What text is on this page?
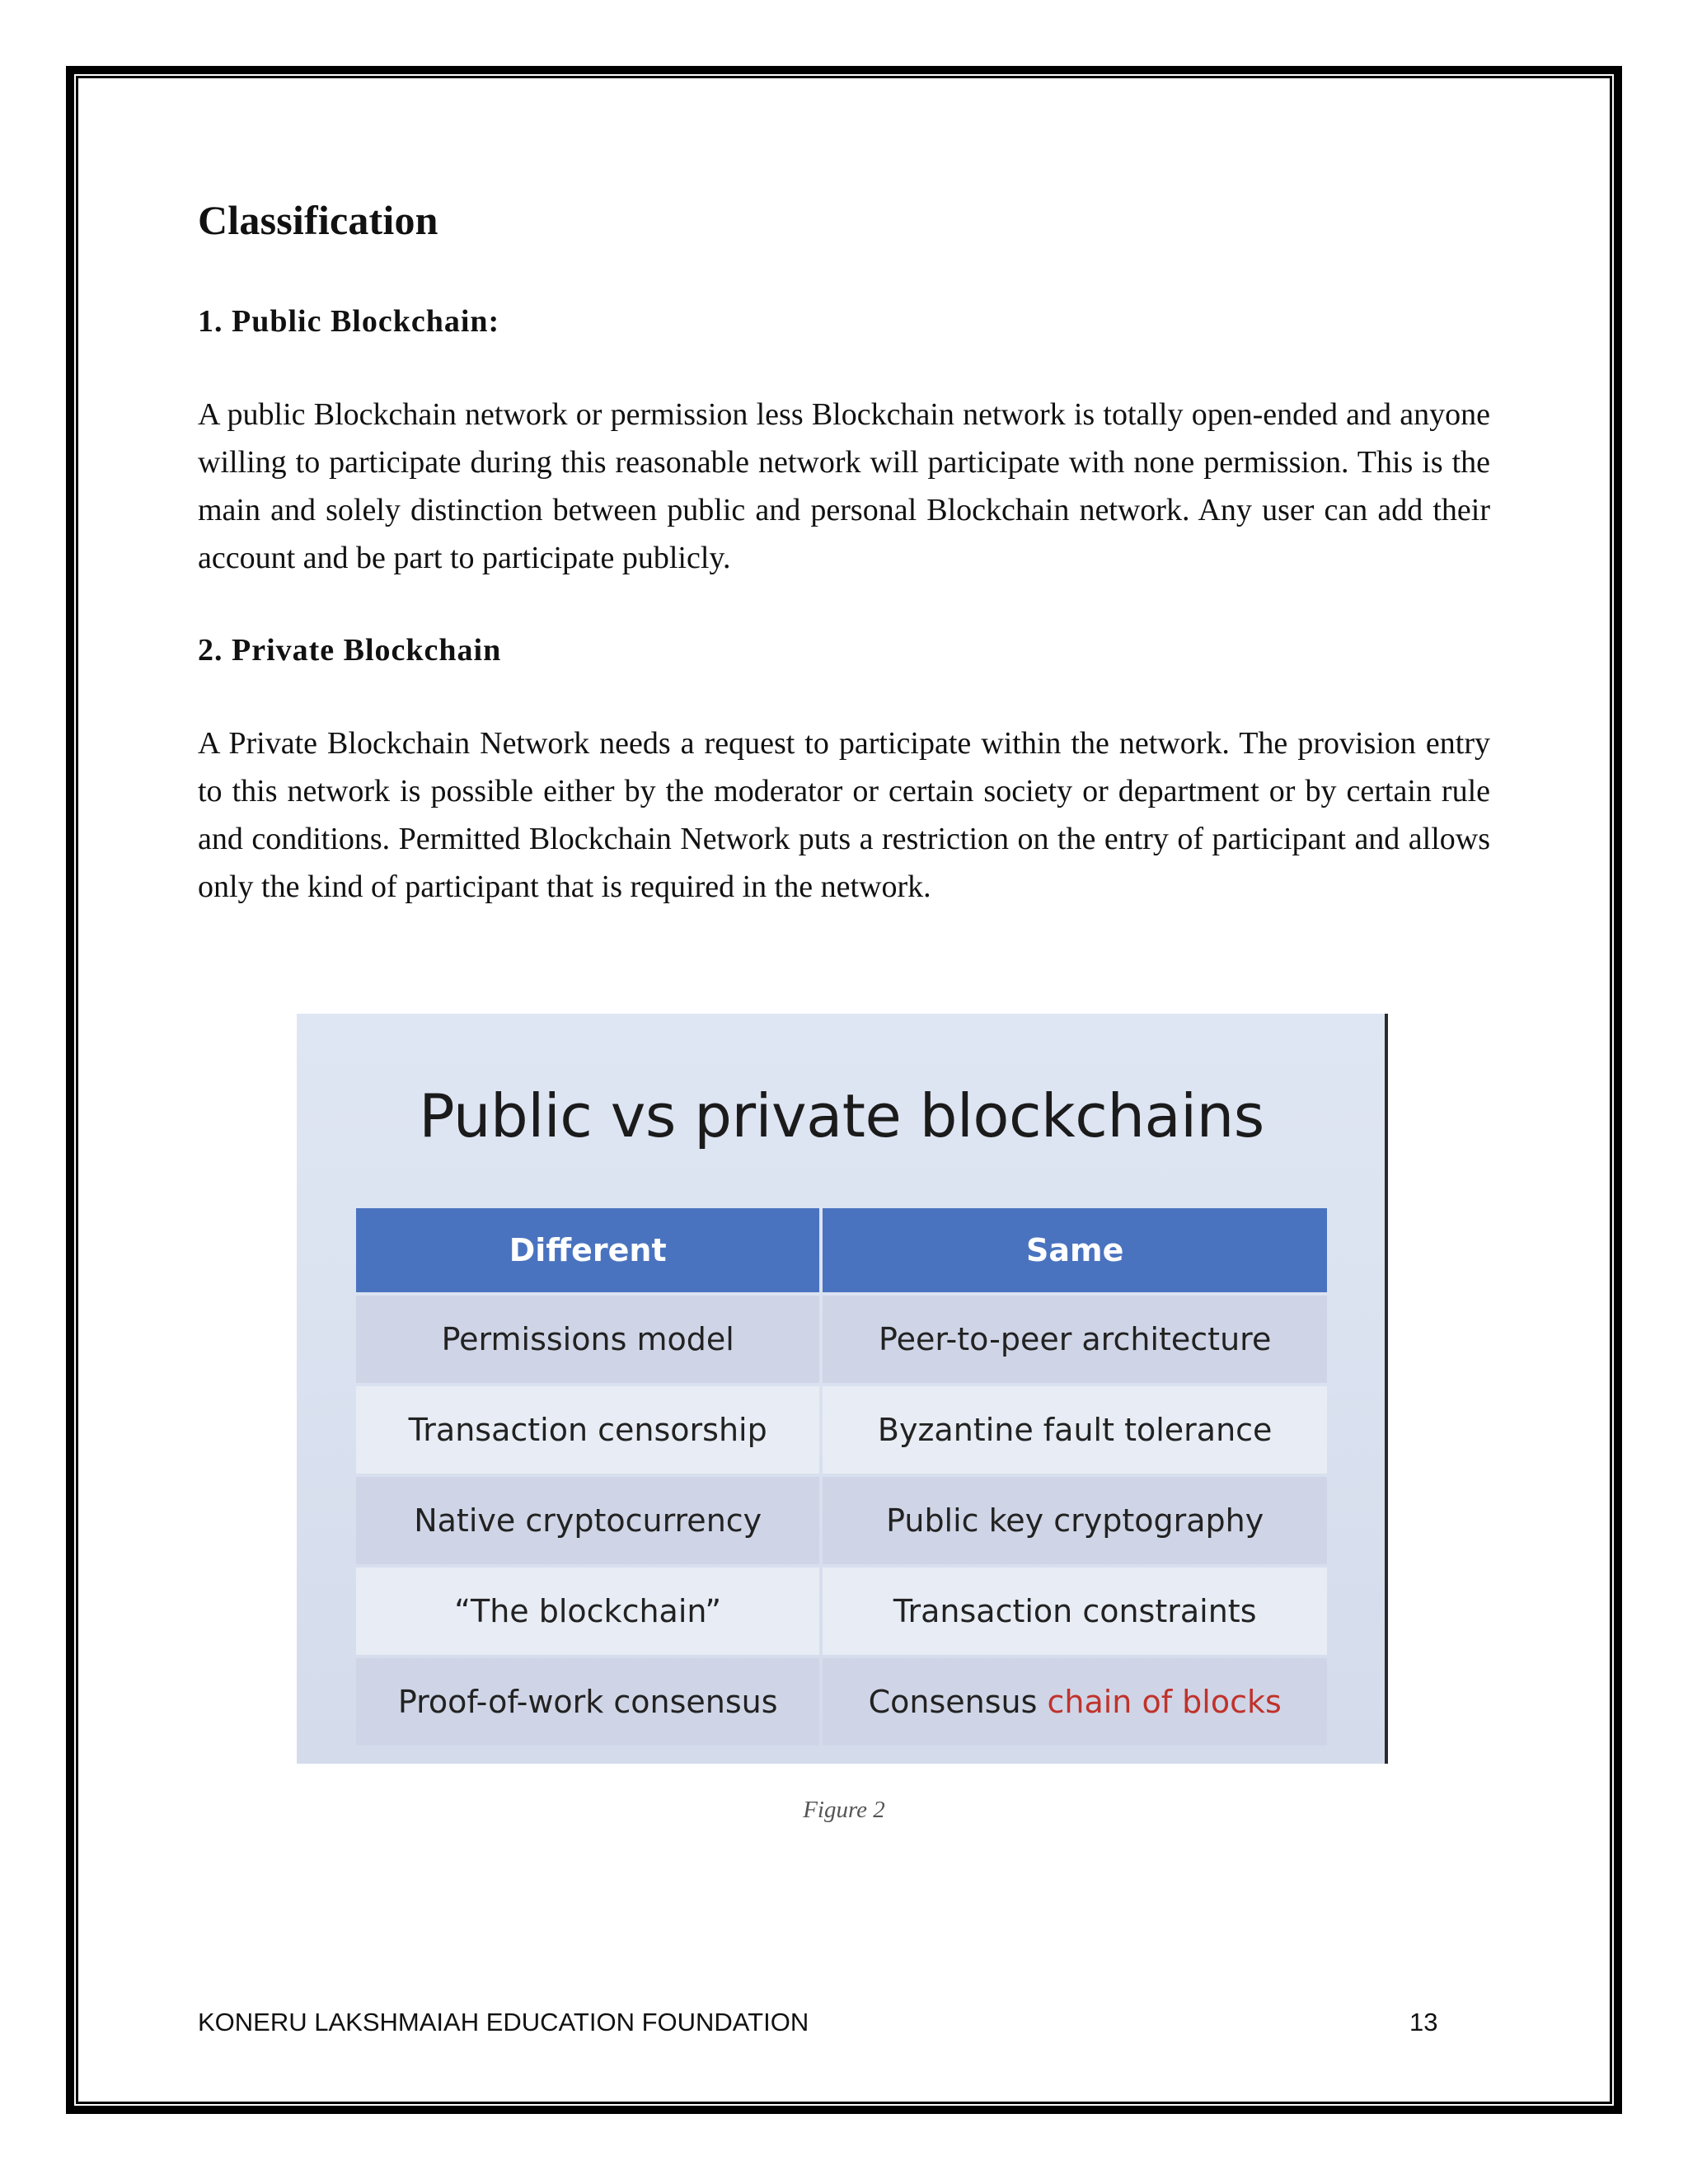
Classification
1. Public Blockchain:
A public Blockchain network or permission less Blockchain network is totally open-ended and anyone willing to participate during this reasonable network will participate with none permission. This is the main and solely distinction between public and personal Blockchain network. Any user can add their account and be part to participate publicly.
2. Private Blockchain
A Private Blockchain Network needs a request to participate within the network. The provision entry to this network is possible either by the moderator or certain society or department or by certain rule and conditions. Permitted Blockchain Network puts a restriction on the entry of participant and allows only the kind of participant that is required in the network.
Public vs private blockchains
Different	Same
Permissions model	Peer-to-peer architecture
Transaction censorship	Byzantine fault tolerance
Native cryptocurrency	Public key cryptography
“The blockchain”	Transaction constraints
Proof-of-work consensus	Consensus chain of blocks
Figure 2
KONERU LAKSHMAIAH EDUCATION FOUNDATION	13
